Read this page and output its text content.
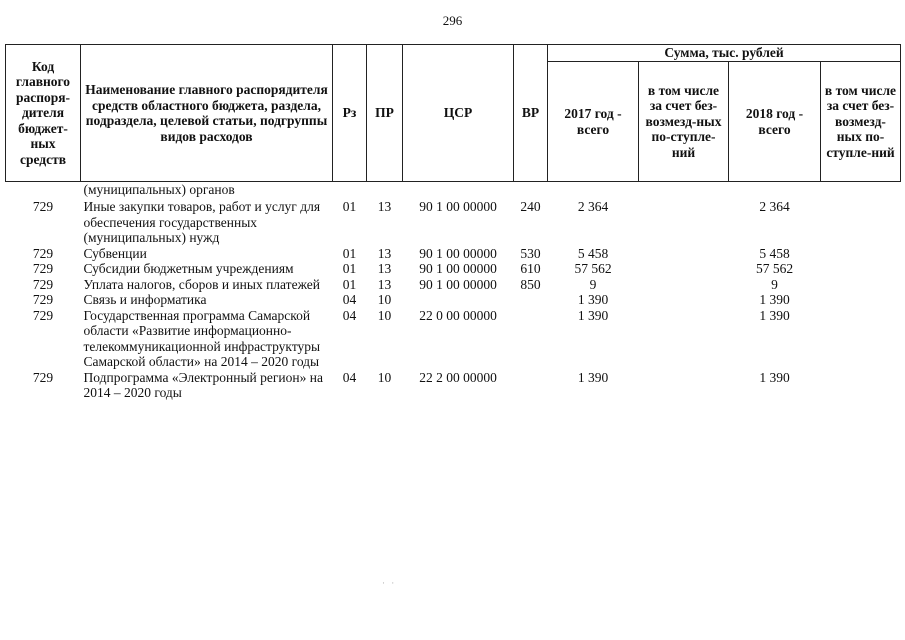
296
Код главного распоря-дителя бюджет-ных средств	Наименование главного распорядителя средств областного бюджета, раздела, подраздела, целевой статьи, подгруппы видов расходов	Рз	ПР	ЦСР	ВР	Сумма, тыс. рублей			
						2017 год - всего	в том числе за счет без-возмезд-ных по-ступле-ний	2018 год - всего	в том числе за счет без-возмезд-ных по-ступле-ний
	(муниципальных) органов								
729	Иные закупки товаров, работ и услуг для обеспечения государственных (муниципальных) нужд	01	13	90 1 00 00000	240	2 364		2 364	
729	Субвенции	01	13	90 1 00 00000	530	5 458		5 458	
729	Субсидии бюджетным учреждениям	01	13	90 1 00 00000	610	57 562		57 562	
729	Уплата налогов, сборов и иных платежей	01	13	90 1 00 00000	850	9		9	
729	Связь и информатика	04	10			1 390		1 390	
729	Государственная программа Самарской области «Развитие информационно-телекоммуникационной инфраструктуры Самарской области» на 2014 – 2020 годы	04	10	22 0 00 00000		1 390		1 390	
729	Подпрограмма «Электронный регион» на 2014 – 2020 годы	04	10	22 2 00 00000		1 390		1 390	
· ·
